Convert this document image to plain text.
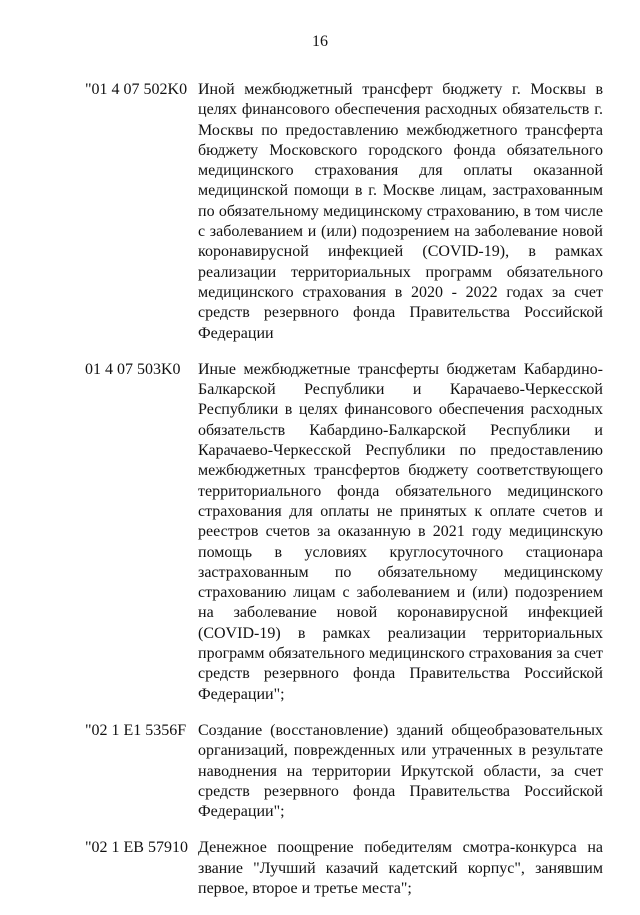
16
"01 4 07 502K0 Иной межбюджетный трансферт бюджету г. Москвы в целях финансового обеспечения расходных обязательств г. Москвы по предоставлению межбюджетного трансферта бюджету Московского городского фонда обязательного медицинского страхования для оплаты оказанной медицинской помощи в г. Москве лицам, застрахованным по обязательному медицинскому страхованию, в том числе с заболеванием и (или) подозрением на заболевание новой коронавирусной инфекцией (COVID-19), в рамках реализации территориальных программ обязательного медицинского страхования в 2020 - 2022 годах за счет средств резервного фонда Правительства Российской Федерации

01 4 07 503K0 Иные межбюджетные трансферты бюджетам Кабардино-Балкарской Республики и Карачаево-Черкесской Республики в целях финансового обеспечения расходных обязательств Кабардино-Балкарской Республики и Карачаево-Черкесской Республики по предоставлению межбюджетных трансфертов бюджету соответствующего территориального фонда обязательного медицинского страхования для оплаты не принятых к оплате счетов и реестров счетов за оказанную в 2021 году медицинскую помощь в условиях круглосуточного стационара застрахованным по обязательному медицинскому страхованию лицам с заболеванием и (или) подозрением на заболевание новой коронавирусной инфекцией (COVID-19) в рамках реализации территориальных программ обязательного медицинского страхования за счет средств резервного фонда Правительства Российской Федерации";

"02 1 E1 5356F Создание (восстановление) зданий общеобразовательных организаций, поврежденных или утраченных в результате наводнения на территории Иркутской области, за счет средств резервного фонда Правительства Российской Федерации";

"02 1 EB 57910 Денежное поощрение победителям смотра-конкурса на звание "Лучший казачий кадетский корпус", занявшим первое, второе и третье места";
